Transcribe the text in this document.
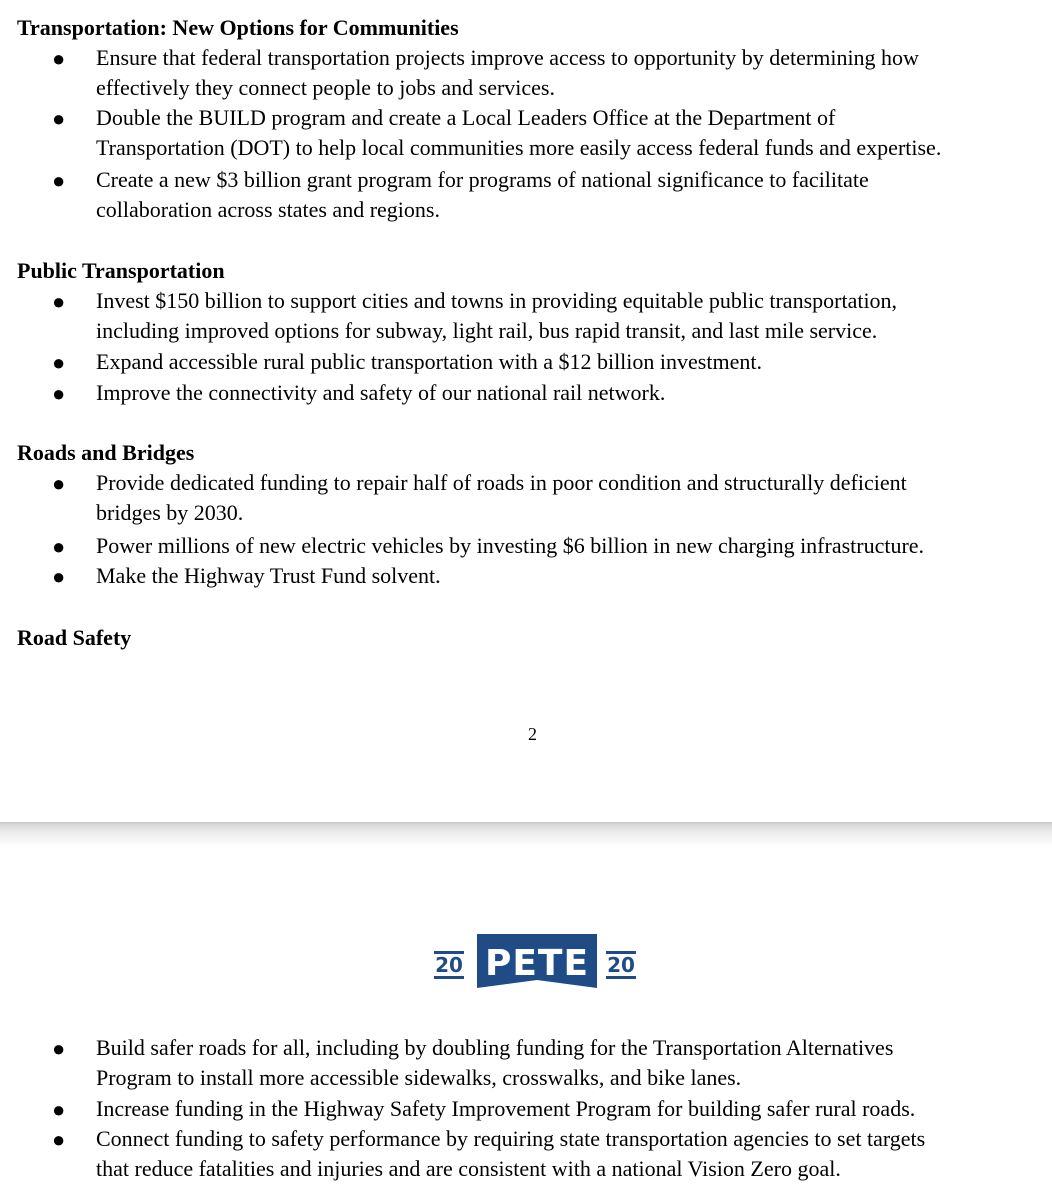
Transportation: New Options for Communities
● Ensure that federal transportation projects improve access to opportunity by determining how
effectively they connect people to jobs and services.
● Double the BUILD program and create a Local Leaders Office at the Department of
Transportation (DOT) to help local communities more easily access federal funds and expertise.
● Create a new $3 billion grant program for programs of national significance to facilitate
collaboration across states and regions.
Public Transportation
● Invest $150 billion to support cities and towns in providing equitable public transportation,
including improved options for subway, light rail, bus rapid transit, and last mile service.
● Expand accessible rural public transportation with a $12 billion investment.
● Improve the connectivity and safety of our national rail network.
Roads and Bridges
● Provide dedicated funding to repair half of roads in poor condition and structurally deficient
bridges by 2030.
● Power millions of new electric vehicles by investing $6 billion in new charging infrastructure.
● Make the Highway Trust Fund solvent.
Road Safety
2
20 PETE 20
● Build safer roads for all, including by doubling funding for the Transportation Alternatives
Program to install more accessible sidewalks, crosswalks, and bike lanes.
● Increase funding in the Highway Safety Improvement Program for building safer rural roads.
● Connect funding to safety performance by requiring state transportation agencies to set targets
that reduce fatalities and injuries and are consistent with a national Vision Zero goal.
